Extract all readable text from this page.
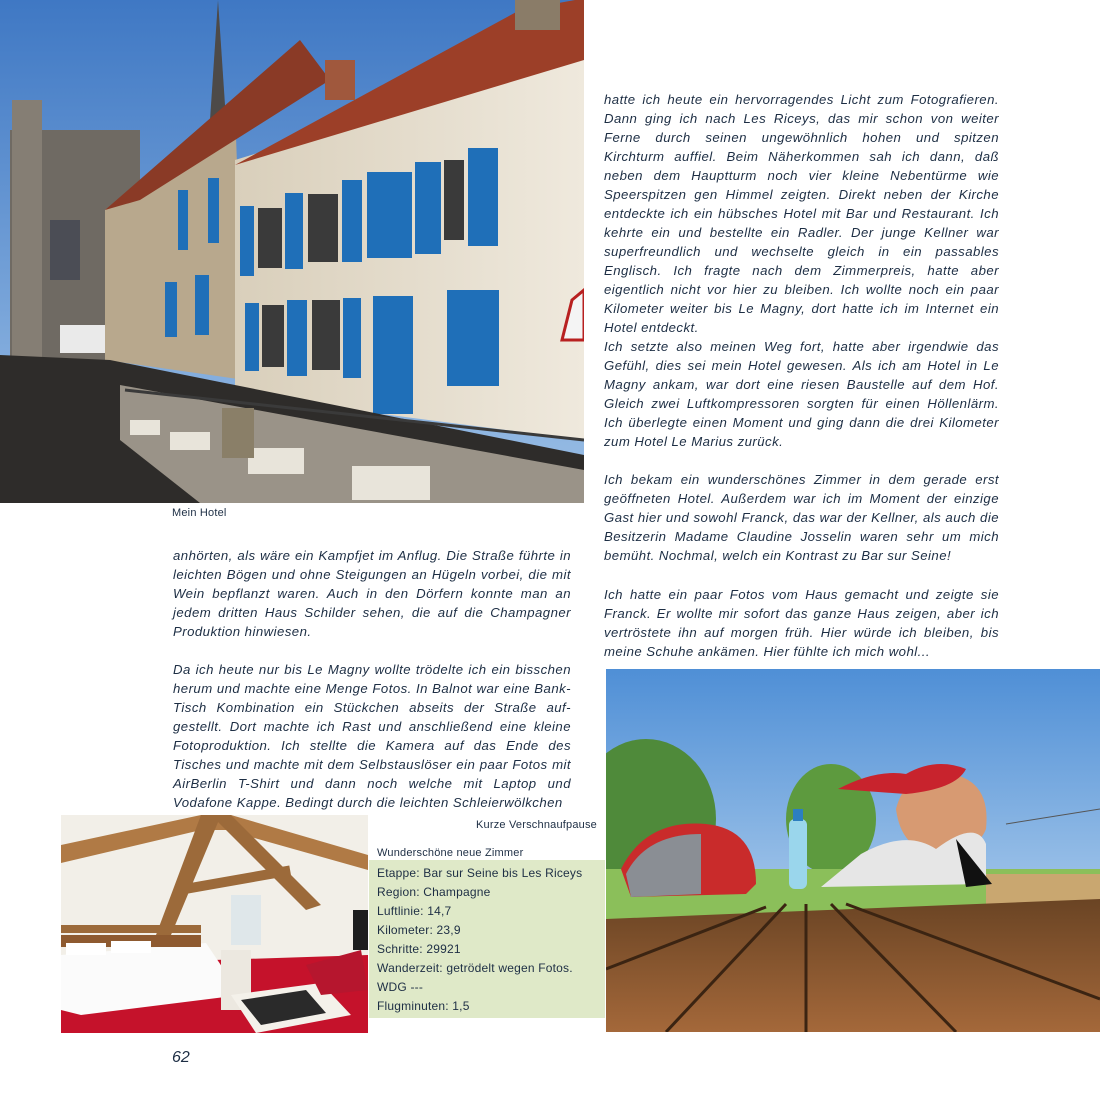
Mein Hotel

anhörten, als wäre ein Kampfjet im Anflug. Die Straße führte in leichten Bögen und ohne Steigungen an Hügeln vorbei, die mit Wein bepflanzt waren. Auch in den Dörfern konnte man an jedem dritten Haus Schilder sehen, die auf die Champagner Produktion hinwiesen.

Da ich heute nur bis Le Magny wollte trödelte ich ein bisschen herum und machte eine Menge Fotos. In Balnot war eine Bank-Tisch Kombination ein Stückchen abseits der Straße auf-gestellt. Dort machte ich Rast und anschließend eine kleine Fotoproduktion. Ich stellte die Kamera auf das Ende des Tisches und machte mit dem Selbstauslöser ein paar Fotos mit AirBerlin T-Shirt und dann noch welche mit Laptop und Vodafone Kappe. Bedingt durch die leichten Schleierwölkchen

hatte ich heute ein hervorragendes Licht zum Fotografieren. Dann ging ich nach Les Riceys, das mir schon von weiter Ferne durch seinen ungewöhnlich hohen und spitzen Kirchturm auffiel. Beim Näherkommen sah ich dann, daß neben dem Hauptturm noch vier kleine Nebentürme wie Speerspitzen gen Himmel zeigten. Direkt neben der Kirche entdeckte ich ein hübsches Hotel mit Bar und Restaurant. Ich kehrte ein und bestellte ein Radler. Der junge Kellner war superfreundlich und wechselte gleich in ein passables Englisch. Ich fragte nach dem Zimmerpreis, hatte aber eigentlich nicht vor hier zu bleiben. Ich wollte noch ein paar Kilometer weiter bis Le Magny, dort hatte ich im Internet ein Hotel entdeckt.

Ich setzte also meinen Weg fort, hatte aber irgendwie das Gefühl, dies sei mein Hotel gewesen. Als ich am Hotel in Le Magny ankam, war dort eine riesen Baustelle auf dem Hof. Gleich zwei Luftkompressoren sorgten für einen Höllenlärm. Ich überlegte einen Moment und ging dann die drei Kilometer zum Hotel Le Marius zurück.

Ich bekam ein wunderschönes Zimmer in dem gerade erst geöffneten Hotel. Außerdem war ich im Moment der einzige Gast hier und sowohl Franck, das war der Kellner, als auch die Besitzerin Madame Claudine Josselin waren sehr um mich bemüht. Nochmal, welch ein Kontrast zu Bar sur Seine!

Ich hatte ein paar Fotos vom Haus gemacht und zeigte sie Franck. Er wollte mir sofort das ganze Haus zeigen, aber ich vertröstete ihn auf morgen früh. Hier würde ich bleiben, bis meine Schuhe ankämen. Hier fühlte ich mich wohl...

Kurze Verschnaufpause
Wunderschöne neue Zimmer
Etappe: Bar sur Seine bis Les Riceys
Region: Champagne
Luftlinie: 14,7
Kilometer: 23,9
Schritte: 29921
Wanderzeit: getrödelt wegen Fotos.
WDG ---
Flugminuten: 1,5
62
